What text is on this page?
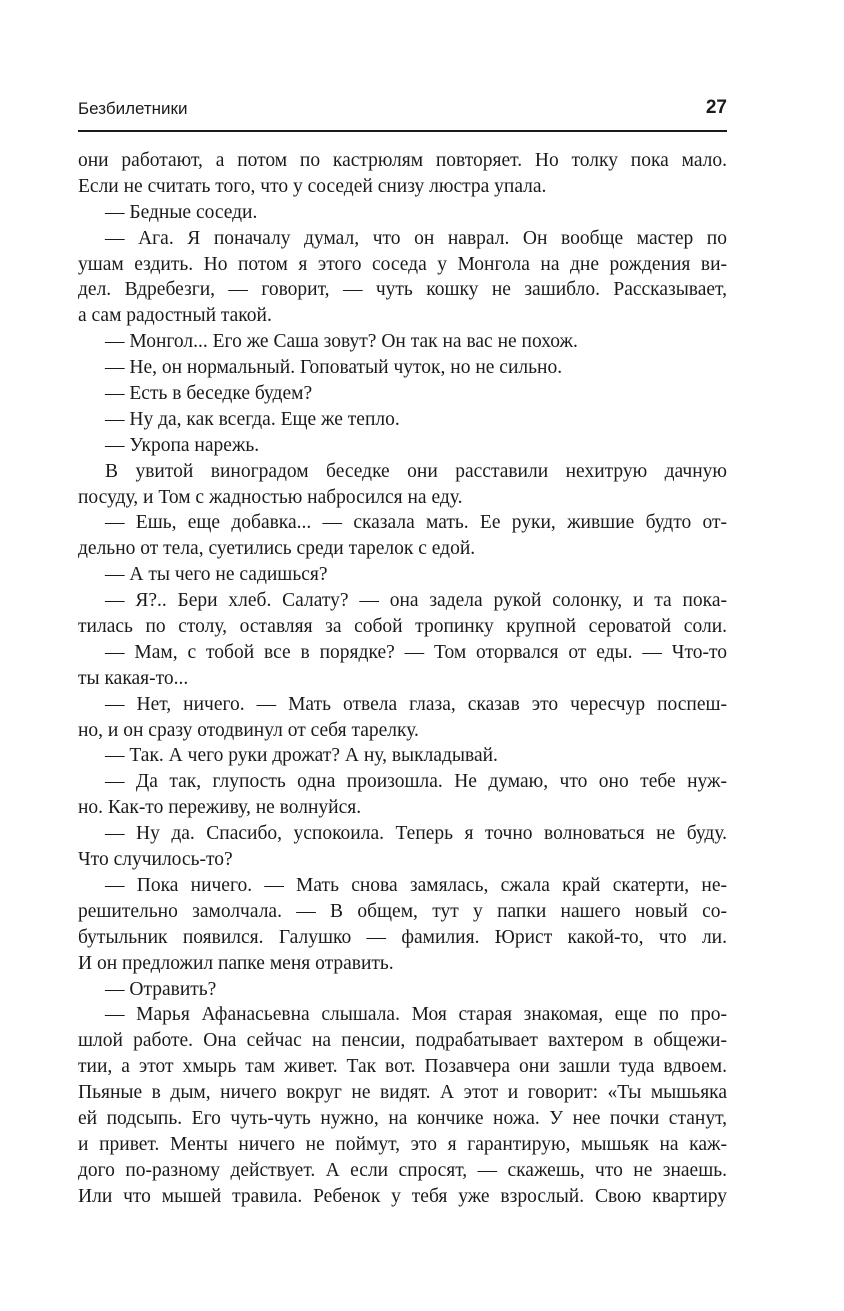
Безбилетники	27
они работают, а потом по кастрюлям повторяет. Но толку пока мало.
Если не считать того, что у соседей снизу люстра упала.
— Бедные соседи.
— Ага. Я поначалу думал, что он наврал. Он вообще мастер по
ушам ездить. Но потом я этого соседа у Монгола на дне рождения ви-
дел. Вдребезги, — говорит, — чуть кошку не зашибло. Рассказывает,
а сам радостный такой.
— Монгол... Его же Саша зовут? Он так на вас не похож.
— Не, он нормальный. Гоповатый чуток, но не сильно.
— Есть в беседке будем?
— Ну да, как всегда. Еще же тепло.
— Укропа нарежь.
В увитой виноградом беседке они расставили нехитрую дачную
посуду, и Том с жадностью набросился на еду.
— Ешь, еще добавка... — сказала мать. Ее руки, жившие будто от-
дельно от тела, суетились среди тарелок с едой.
— А ты чего не садишься?
— Я?.. Бери хлеб. Салату? — она задела рукой солонку, и та пока-
тилась по столу, оставляя за собой тропинку крупной сероватой соли.
— Мам, с тобой все в порядке? — Том оторвался от еды. — Что-то
ты какая-то...
— Нет, ничего. — Мать отвела глаза, сказав это чересчур поспеш-
но, и он сразу отодвинул от себя тарелку.
— Так. А чего руки дрожат? А ну, выкладывай.
— Да так, глупость одна произошла. Не думаю, что оно тебе нуж-
но. Как-то переживу, не волнуйся.
— Ну да. Спасибо, успокоила. Теперь я точно волноваться не буду.
Что случилось-то?
— Пока ничего. — Мать снова замялась, сжала край скатерти, не-
решительно замолчала. — В общем, тут у папки нашего новый со-
бутыльник появился. Галушко — фамилия. Юрист какой-то, что ли.
И он предложил папке меня отравить.
— Отравить?
— Марья Афанасьевна слышала. Моя старая знакомая, еще по про-
шлой работе. Она сейчас на пенсии, подрабатывает вахтером в общежи-
тии, а этот хмырь там живет. Так вот. Позавчера они зашли туда вдвоем.
Пьяные в дым, ничего вокруг не видят. А этот и говорит: «Ты мышьяка
ей подсыпь. Его чуть-чуть нужно, на кончике ножа. У нее почки станут,
и привет. Менты ничего не поймут, это я гарантирую, мышьяк на каж-
дого по-разному действует. А если спросят, — скажешь, что не знаешь.
Или что мышей травила. Ребенок у тебя уже взрослый. Свою квартиру
